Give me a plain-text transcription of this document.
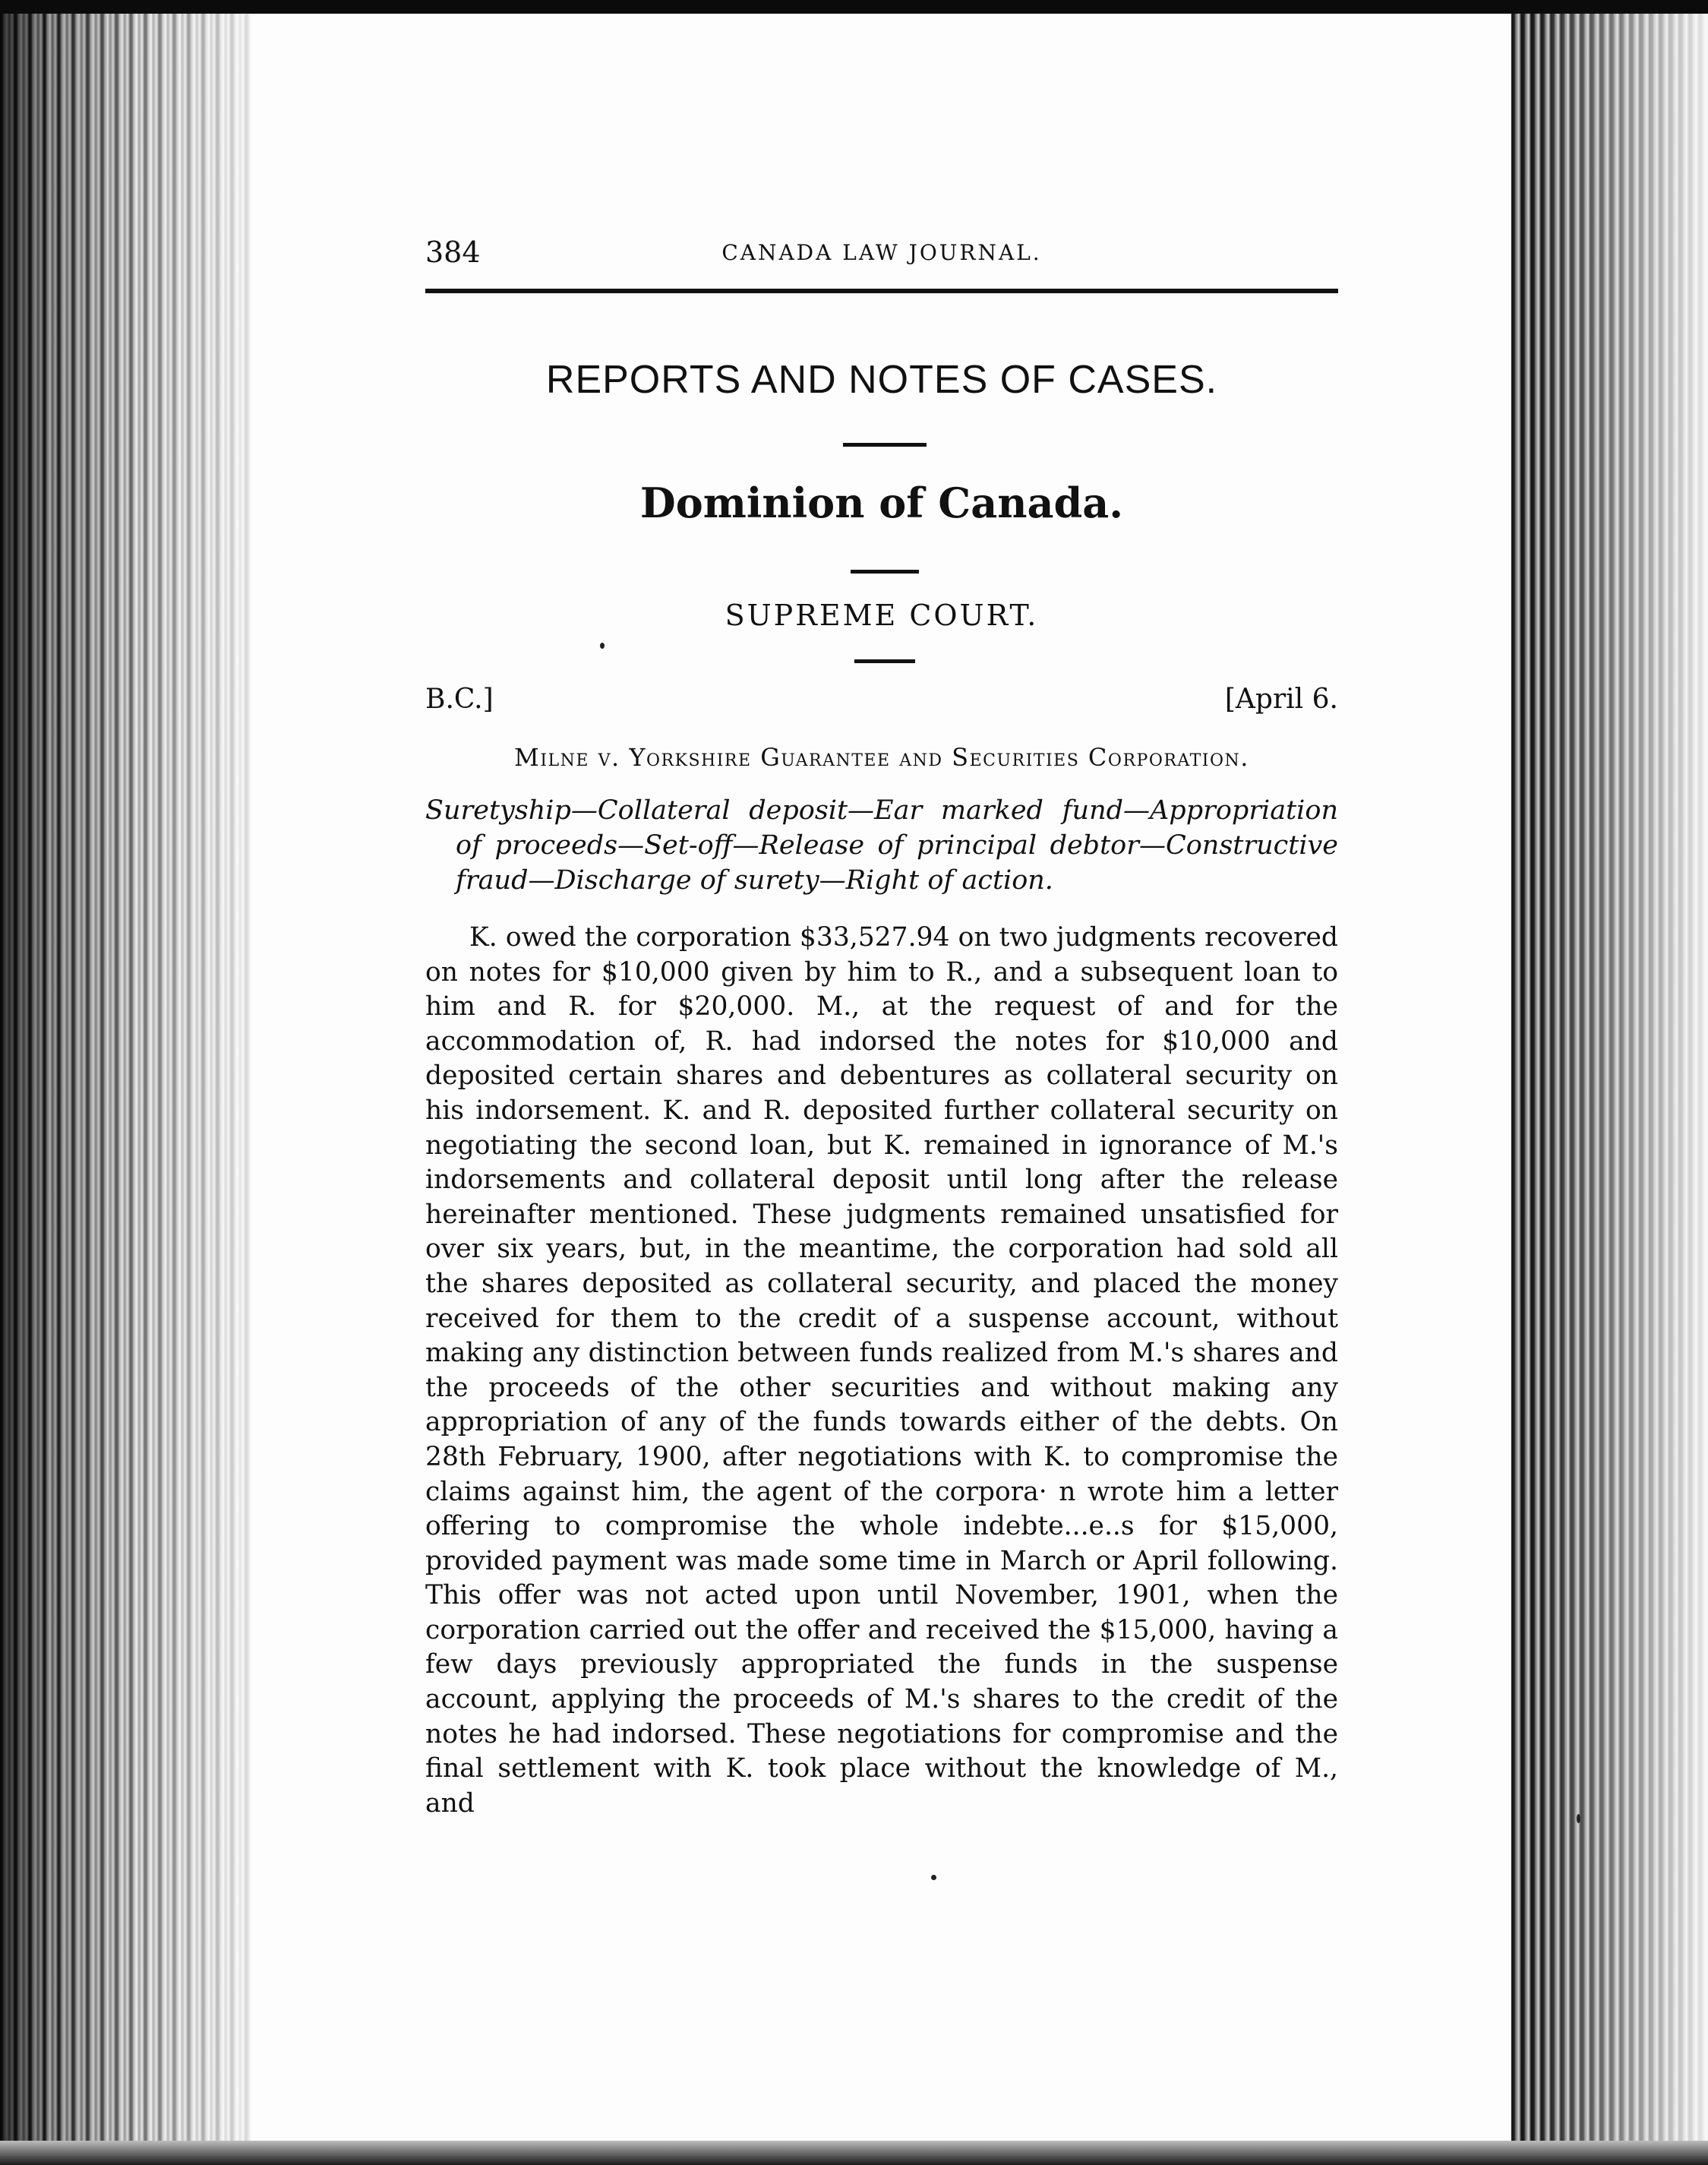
384	CANADA LAW JOURNAL.
REPORTS AND NOTES OF CASES.
Dominion of Canada.
SUPREME COURT.
B.C.]	[April 6.
Milne v. Yorkshire Guarantee and Securities Corporation.
Suretyship—Collateral deposit—Ear marked fund—Appropriation of proceeds—Set-off—Release of principal debtor—Constructive fraud—Discharge of surety—Right of action.
K. owed the corporation $33,527.94 on two judgments recovered on notes for $10,000 given by him to R., and a subsequent loan to him and R. for $20,000. M., at the request of and for the accommodation of, R. had indorsed the notes for $10,000 and deposited certain shares and debentures as collateral security on his indorsement. K. and R. deposited further collateral security on negotiating the second loan, but K. remained in ignorance of M.'s indorsements and collateral deposit until long after the release hereinafter mentioned. These judgments remained unsatisfied for over six years, but, in the meantime, the corporation had sold all the shares deposited as collateral security, and placed the money received for them to the credit of a suspense account, without making any distinction between funds realized from M.'s shares and the proceeds of the other securities and without making any appropriation of any of the funds towards either of the debts. On 28th February, 1900, after negotiations with K. to compromise the claims against him, the agent of the corpora· n wrote him a letter offering to compromise the whole indebte...e..s for $15,000, provided payment was made some time in March or April following. This offer was not acted upon until November, 1901, when the corporation carried out the offer and received the $15,000, having a few days previously appropriated the funds in the suspense account, applying the proceeds of M.'s shares to the credit of the notes he had indorsed. These negotiations for compromise and the final settlement with K. took place without the knowledge of M., and
